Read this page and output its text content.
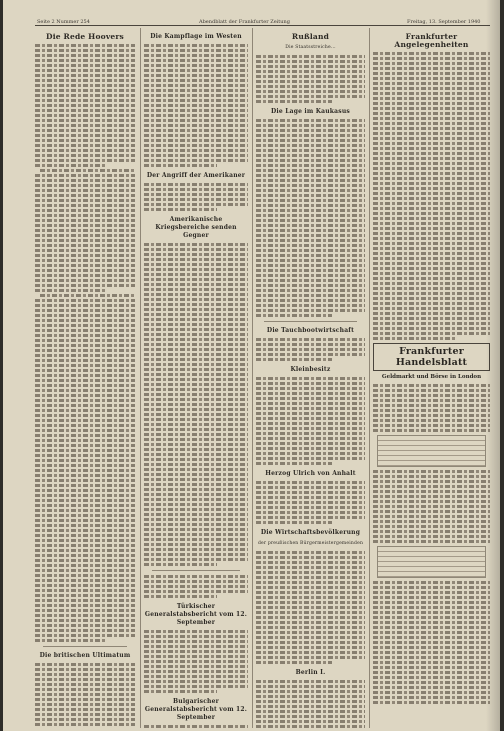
Seite 2 Nummer 254	Abendblatt der Frankfurter Zeitung	Freitag, 13. September 1940
Die Rede Hoovers
Die britischen Ultimatum
Die Kampflage im Westen
Der Angriff der Amerikaner
Amerikanische Kriegsbereiche senden Gegner
Türkischer Generalstabsbericht vom 12. September
Bulgarischer Generalstabsbericht vom 12. September
Rußland
Die Staatsstreiche...
Die Lage im Kaukasus
Die Tauchbootwirtschaft
Kleinbesitz
Herzog Ulrich von Anhalt
Die Wirtschaftsbevölkerung
der preußischen Bürgermeistergemeinden
Berlin I.
Frankfurter Angelegenheiten
Frankfurter Handelsblatt
Geldmarkt und Börse in London
